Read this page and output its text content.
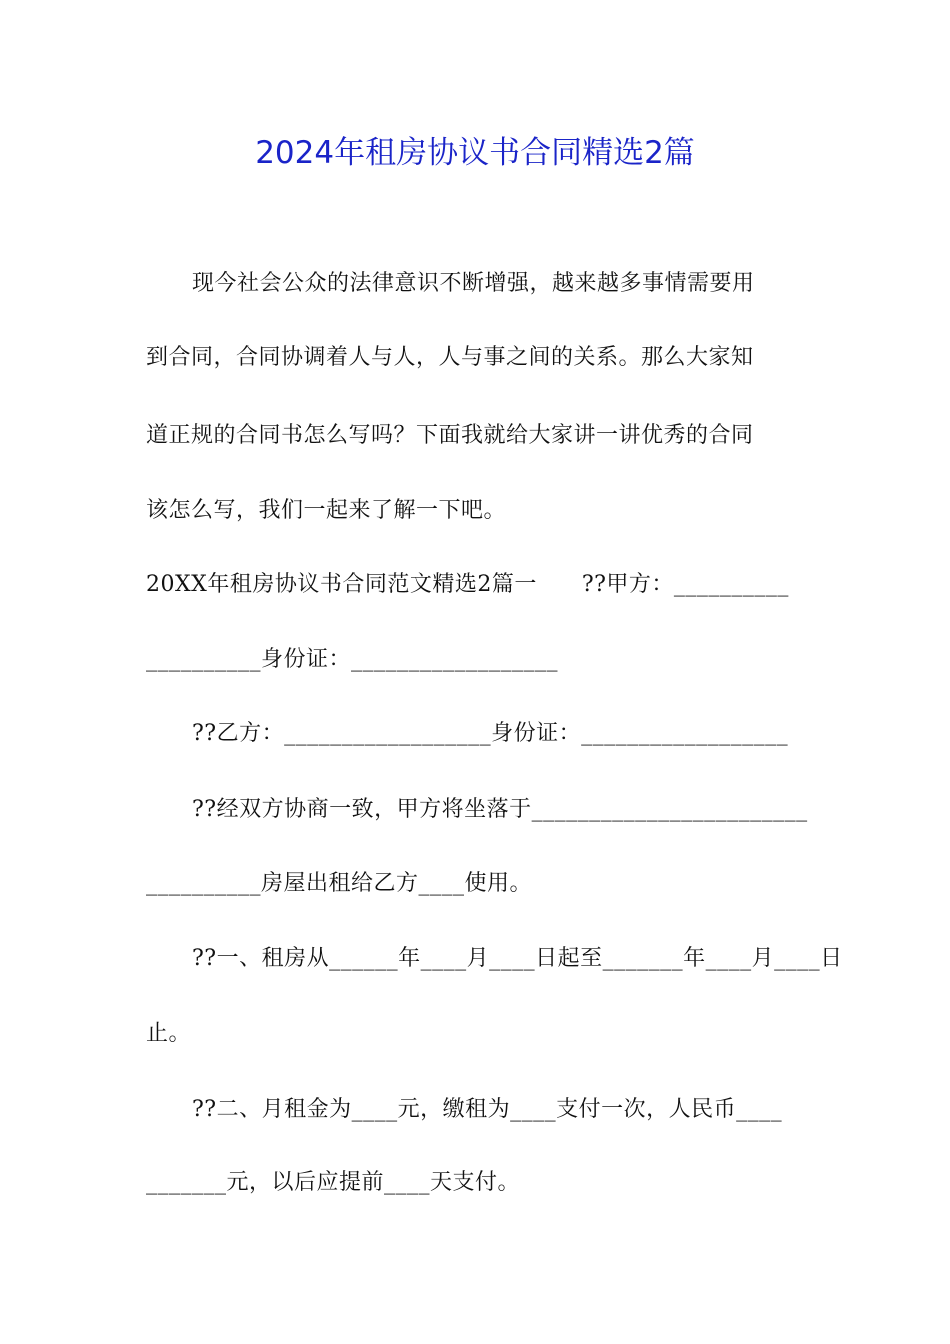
2024年租房协议书合同精选2篇
现今社会公众的法律意识不断增强，越来越多事情需要用
到合同，合同协调着人与人，人与事之间的关系。那么大家知
道正规的合同书怎么写吗？下面我就给大家讲一讲优秀的合同
该怎么写，我们一起来了解一下吧。
20XX年租房协议书合同范文精选2篇一　　??甲方：__________
__________身份证：__________________
??乙方：__________________身份证：__________________
??经双方协商一致，甲方将坐落于________________________
__________房屋出租给乙方____使用。
??一、租房从______年____月____日起至_______年____月____日
止。
??二、月租金为____元，缴租为____支付一次，人民币____
_______元，以后应提前____天支付。
